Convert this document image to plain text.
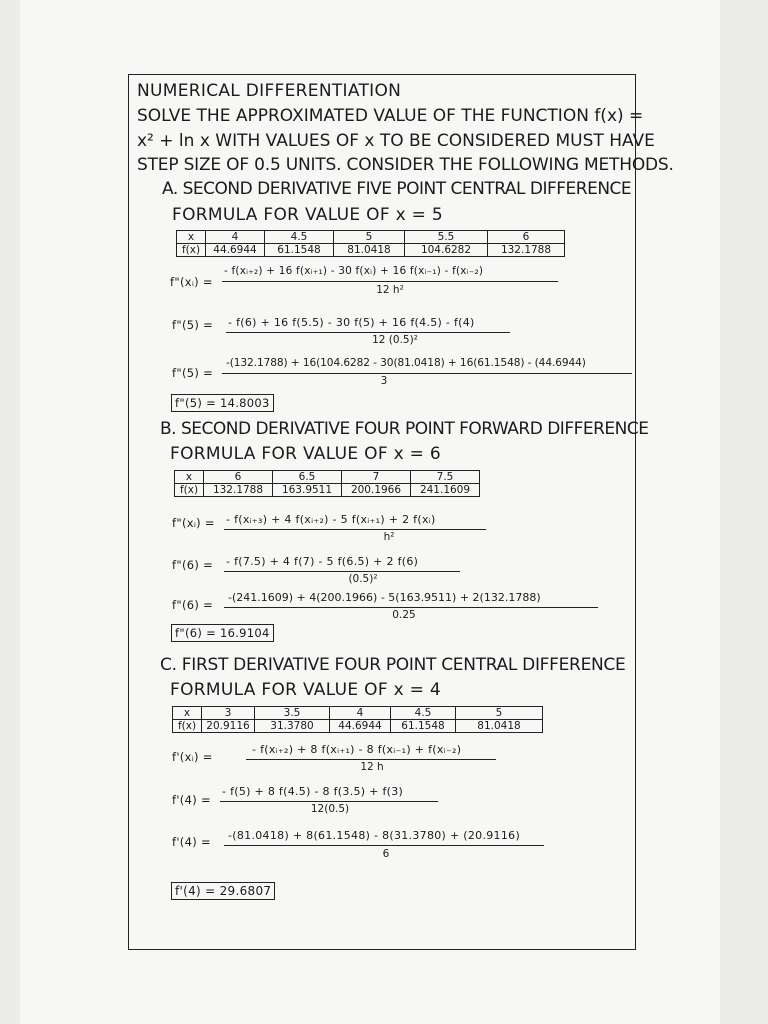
NUMERICAL DIFFERENTIATION
SOLVE THE APPROXIMATED VALUE OF THE FUNCTION f(x) =
x² + ln x WITH VALUES OF x TO BE CONSIDERED MUST HAVE
STEP SIZE OF 0.5 UNITS. CONSIDER THE FOLLOWING METHODS.
A. SECOND DERIVATIVE FIVE POINT CENTRAL DIFFERENCE
FORMULA FOR VALUE OF x = 5
x	4	4.5	5	5.5	6
f(x)	44.6944	61.1548	81.0418	104.6282	132.1788
f"(xᵢ) =
- f(xᵢ₊₂) + 16 f(xᵢ₊₁) - 30 f(xᵢ) + 16 f(xᵢ₋₁) - f(xᵢ₋₂)
12 h²
f"(5) = - f(6) + 16 f(5.5) - 30 f(5) + 16 f(4.5) - f(4)
12 (0.5)²
f"(5) =
-(132.1788) + 16(104.6282 - 30(81.0418) + 16(61.1548) - (44.6944)
3
f"(5) = 14.8003
B. SECOND DERIVATIVE FOUR POINT FORWARD DIFFERENCE
FORMULA FOR VALUE OF x = 6
x	6	6.5	7	7.5
f(x)	132.1788	163.9511	200.1966	241.1609
f"(xᵢ) = - f(xᵢ₊₃) + 4 f(xᵢ₊₂) - 5 f(xᵢ₊₁) + 2 f(xᵢ)
h²
f"(6) = - f(7.5) + 4 f(7) - 5 f(6.5) + 2 f(6)
(0.5)²
f"(6) =
-(241.1609) + 4(200.1966) - 5(163.9511) + 2(132.1788)
0.25
f"(6) = 16.9104
C. FIRST DERIVATIVE FOUR POINT CENTRAL DIFFERENCE
FORMULA FOR VALUE OF x = 4
x	3	3.5	4	4.5	5
f(x)	20.9116	31.3780	44.6944	61.1548	81.0418
f'(xᵢ) =
- f(xᵢ₊₂) + 8 f(xᵢ₊₁) - 8 f(xᵢ₋₁) + f(xᵢ₋₂)
12 h
f'(4) =
- f(5) + 8 f(4.5) - 8 f(3.5) + f(3)
12(0.5)
f'(4) = -(81.0418) + 8(61.1548) - 8(31.3780) + (20.9116)
6
f'(4) = 29.6807
